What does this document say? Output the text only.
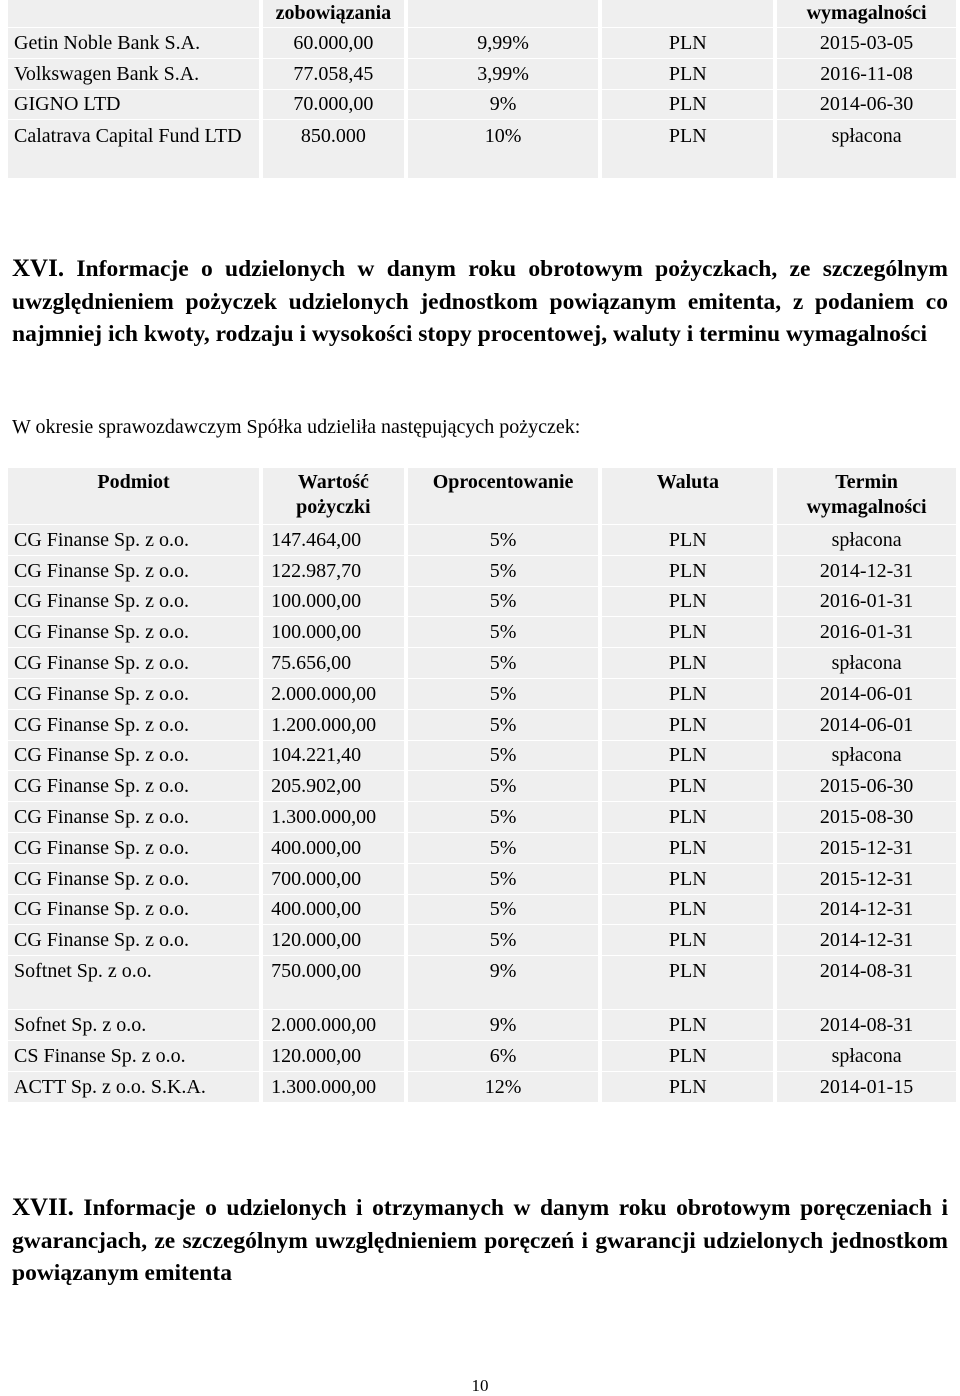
	zobowiązania			wymagalności
Getin Noble Bank S.A.	60.000,00	9,99%	PLN	2015-03-05
Volkswagen Bank S.A.	77.058,45	3,99%	PLN	2016-11-08
GIGNO LTD	70.000,00	9%	PLN	2014-06-30
Calatrava Capital Fund LTD	850.000	10%	PLN	spłacona
XVI. Informacje o udzielonych w danym roku obrotowym pożyczkach, ze szczególnym uwzględnieniem pożyczek udzielonych jednostkom powiązanym emitenta, z podaniem co najmniej ich kwoty, rodzaju i wysokości stopy procentowej, waluty i terminu wymagalności
W okresie sprawozdawczym Spółka udzieliła następujących pożyczek:
Podmiot	Wartość pożyczki	Oprocentowanie	Waluta	Termin wymagalności
CG Finanse Sp. z o.o.	147.464,00	5%	PLN	spłacona
CG Finanse Sp. z o.o.	122.987,70	5%	PLN	2014-12-31
CG Finanse Sp. z o.o.	100.000,00	5%	PLN	2016-01-31
CG Finanse Sp. z o.o.	100.000,00	5%	PLN	2016-01-31
CG Finanse Sp. z o.o.	75.656,00	5%	PLN	spłacona
CG Finanse Sp. z o.o.	2.000.000,00	5%	PLN	2014-06-01
CG Finanse Sp. z o.o.	1.200.000,00	5%	PLN	2014-06-01
CG Finanse Sp. z o.o.	104.221,40	5%	PLN	spłacona
CG Finanse Sp. z o.o.	205.902,00	5%	PLN	2015-06-30
CG Finanse Sp. z o.o.	1.300.000,00	5%	PLN	2015-08-30
CG Finanse Sp. z o.o.	400.000,00	5%	PLN	2015-12-31
CG Finanse Sp. z o.o.	700.000,00	5%	PLN	2015-12-31
CG Finanse Sp. z o.o.	400.000,00	5%	PLN	2014-12-31
CG Finanse Sp. z o.o.	120.000,00	5%	PLN	2014-12-31
Softnet Sp. z o.o.	750.000,00	9%	PLN	2014-08-31
Sofnet Sp. z o.o.	2.000.000,00	9%	PLN	2014-08-31
CS Finanse Sp. z o.o.	120.000,00	6%	PLN	spłacona
ACTT Sp. z o.o. S.K.A.	1.300.000,00	12%	PLN	2014-01-15
XVII. Informacje o udzielonych i otrzymanych w danym roku obrotowym poręczeniach i gwarancjach, ze szczególnym uwzględnieniem poręczeń i gwarancji udzielonych jednostkom powiązanym emitenta
10
